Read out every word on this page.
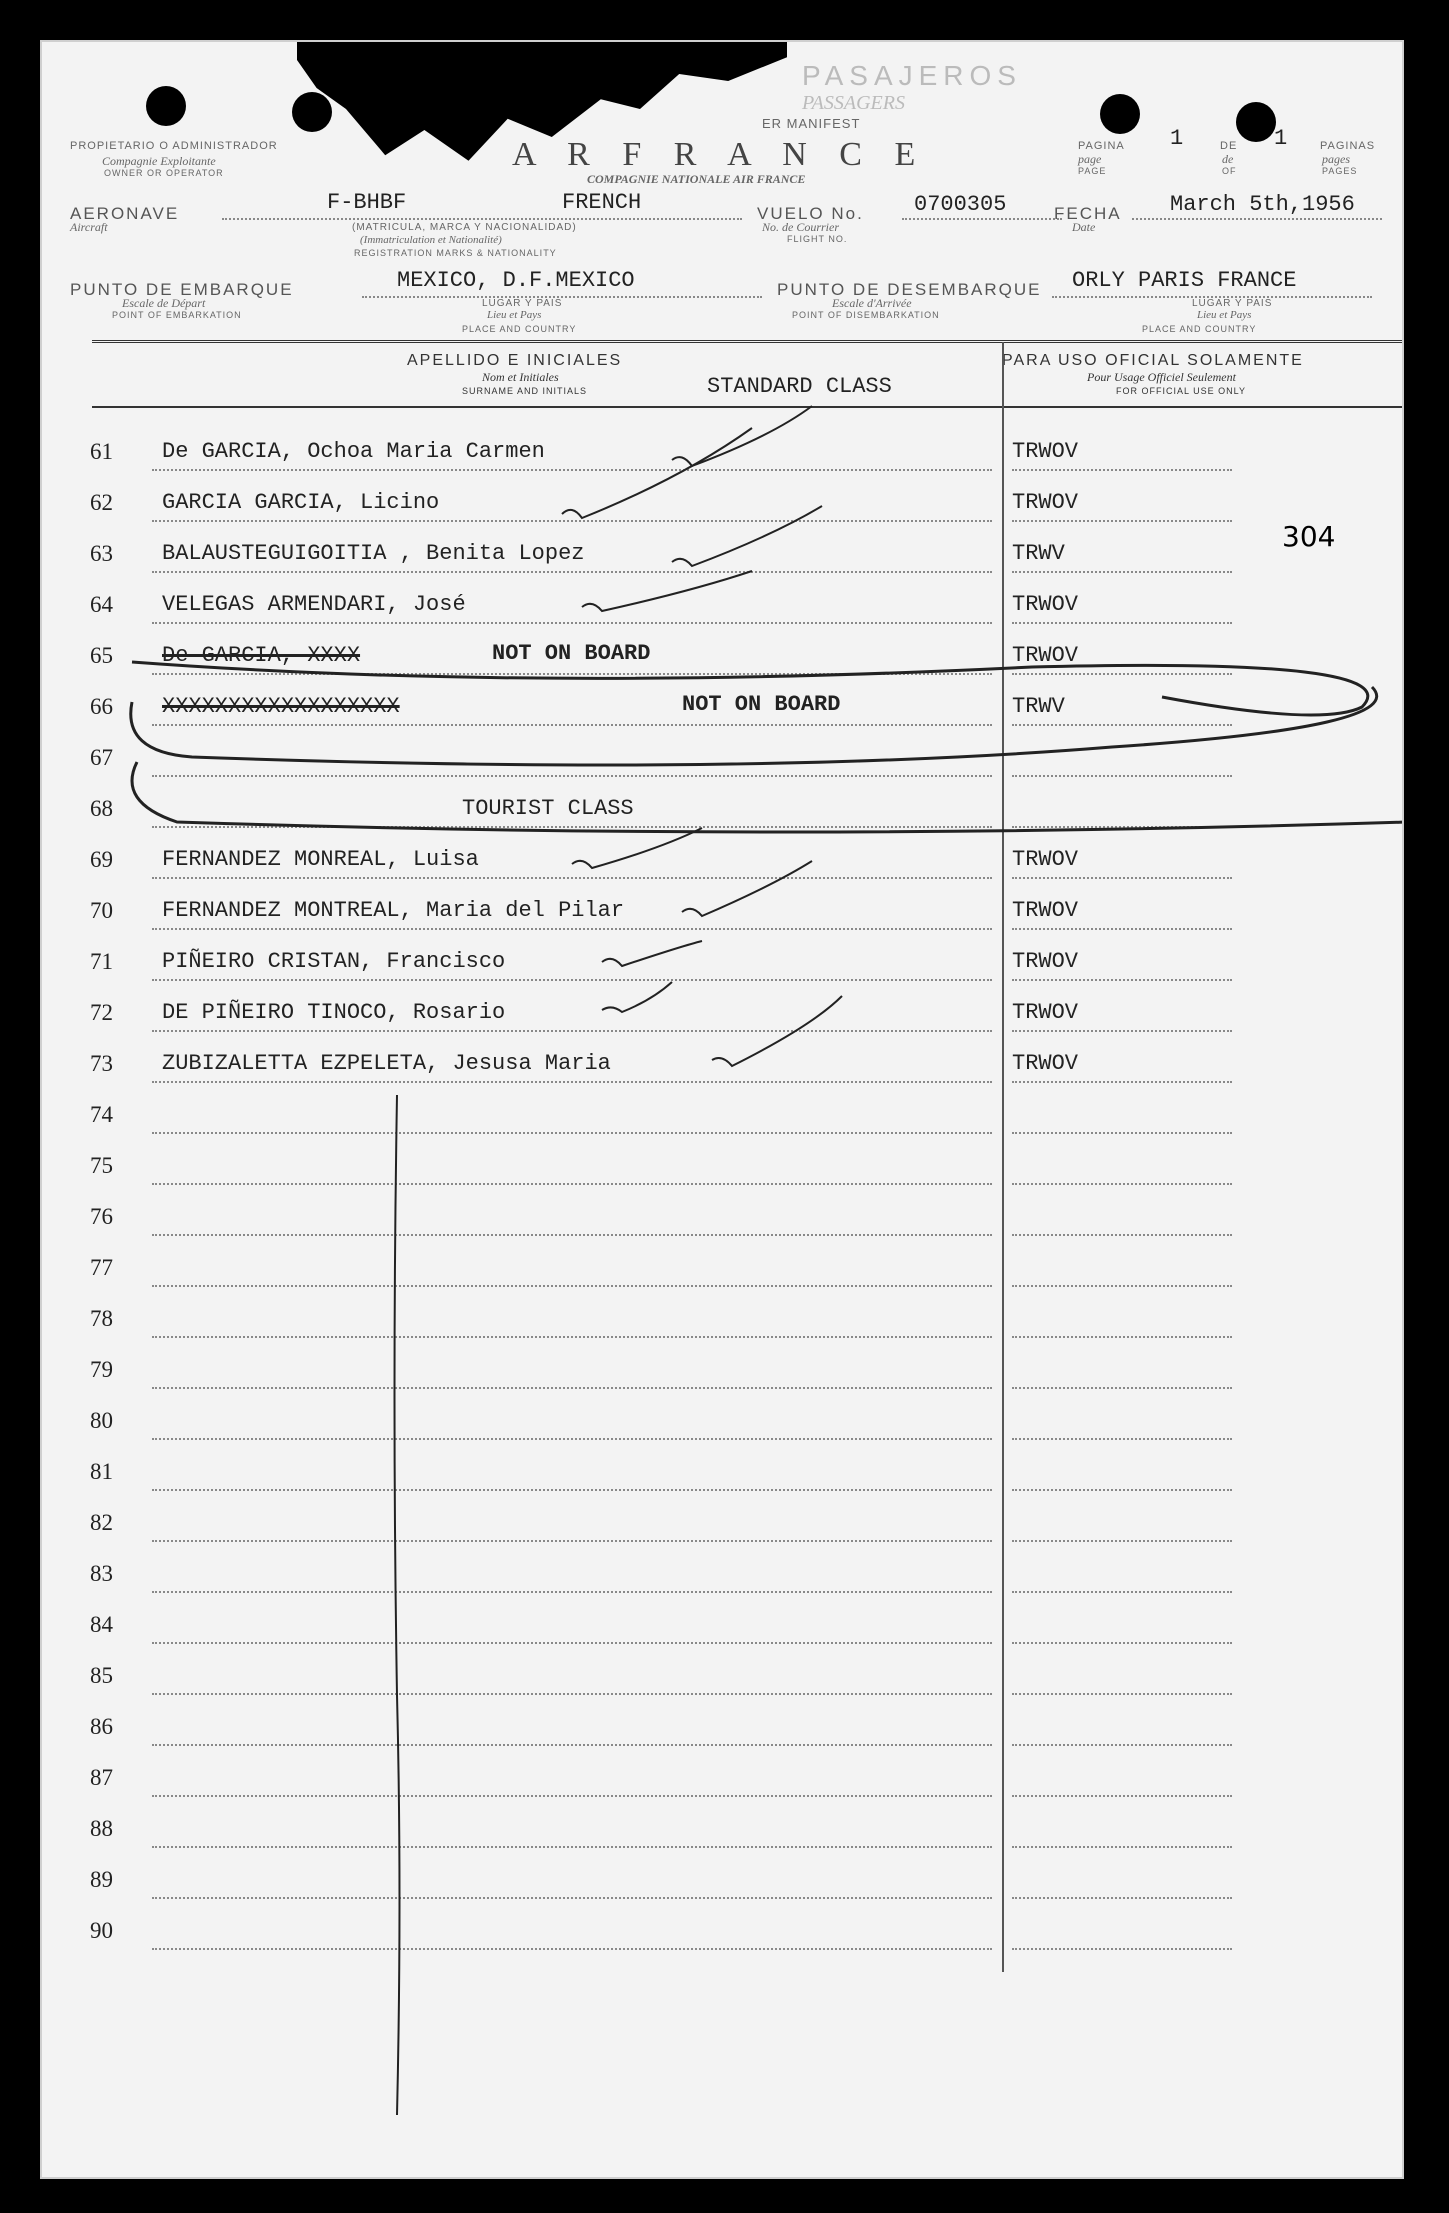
PASAJEROS
PASSAGERS
ER MANIFEST
A R F R A N C E
COMPAGNIE NATIONALE AIR FRANCE
PROPIETARIO O ADMINISTRADOR
Compagnie Exploitante
OWNER OR OPERATOR
PAGINA
page
PAGE
1	DE
de
OF
1	PAGINAS
pages
PAGES
AERONAVE
Aircraft
F-BHBF	FRENCH
(MATRICULA, MARCA Y NACIONALIDAD)
(Immatriculation et Nationalité)
REGISTRATION MARKS & NATIONALITY
VUELO No.
No. de Courrier
FLIGHT NO.
0700305	FECHA
Date
March 5th,1956
PUNTO DE EMBARQUE
Escale de Départ
POINT OF EMBARKATION
MEXICO, D.F.MEXICO
LUGAR Y PAIS
Lieu et Pays
PLACE AND COUNTRY
PUNTO DE DESEMBARQUE
Escale d'Arrivée
POINT OF DISEMBARKATION
ORLY PARIS FRANCE
LUGAR Y PAIS
Lieu et Pays
PLACE AND COUNTRY
APELLIDO E INICIALES
Nom et Initiales
SURNAME AND INITIALS	STANDARD CLASS
PARA USO OFICIAL SOLAMENTE
Pour Usage Officiel Seulement
FOR OFFICIAL USE ONLY
304
61	De GARCIA, Ochoa Maria Carmen	TRWOV
62	GARCIA GARCIA, Licino	TRWOV
63	BALAUSTEGUIGOITIA , Benita Lopez	TRWV
64	VELEGAS ARMENDARI, José	TRWOV
65	De GARCIA, XXXX	NOT ON BOARD	TRWOV
66	XXXXXXXXXXXXXXXXXX	NOT ON BOARD	TRWV
67
68	TOURIST CLASS
69	FERNANDEZ MONREAL, Luisa	TRWOV
70	FERNANDEZ MONTREAL, Maria del Pilar	TRWOV
71	PIÑEIRO CRISTAN, Francisco	TRWOV
72	DE PIÑEIRO TINOCO, Rosario	TRWOV
73	ZUBIZALETTA EZPELETA, Jesusa Maria	TRWOV
74
75
76
77
78
79
80
81
82
83
84
85
86
87
88
89
90
